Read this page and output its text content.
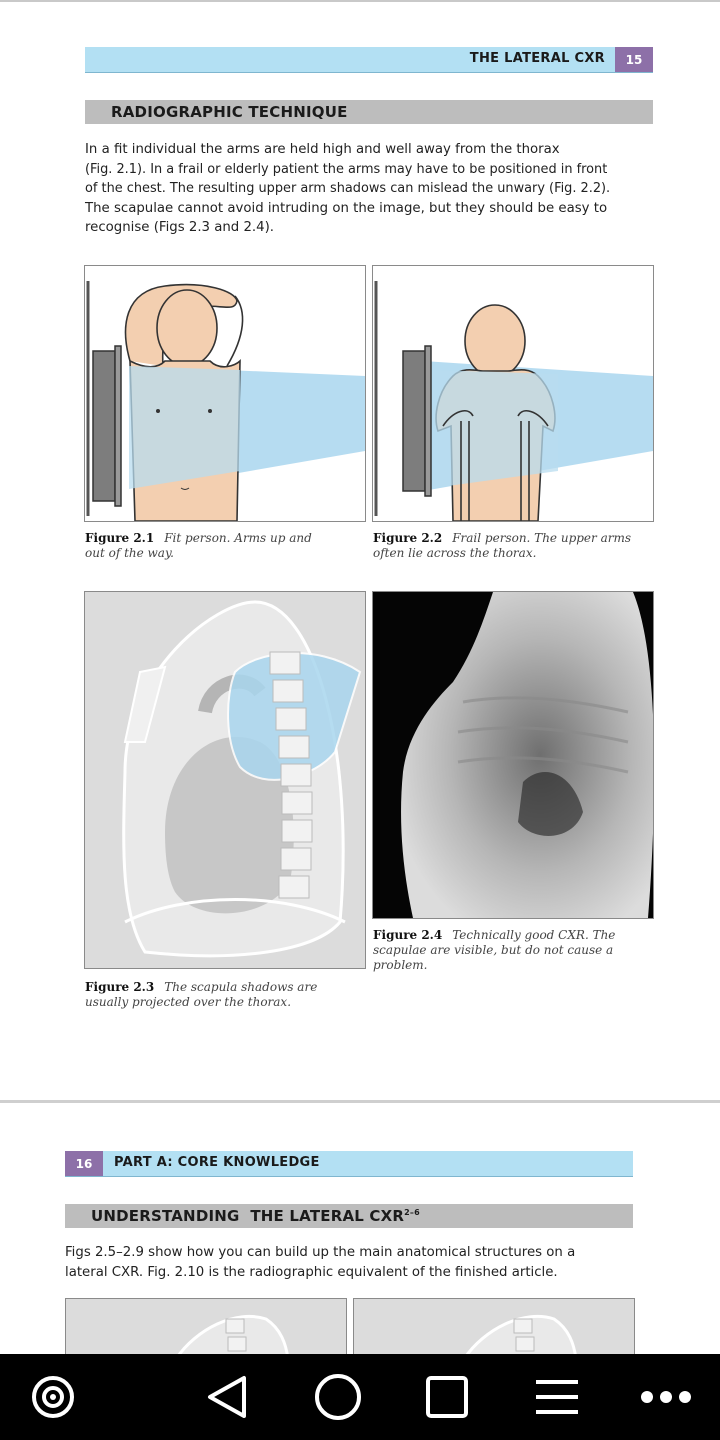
THE LATERAL CXR	15
RADIOGRAPHIC TECHNIQUE
In a fit individual the arms are held high and well away from the thorax
(Fig. 2.1). In a frail or elderly patient the arms may have to be positioned in front
of the chest. The resulting upper arm shadows can mislead the unwary (Fig. 2.2).
The scapulae cannot avoid intruding on the image, but they should be easy to
recognise (Figs 2.3 and 2.4).
Figure 2.1 Fit person. Arms up and
out of the way.
Figure 2.2 Frail person. The upper arms
often lie across the thorax.
Figure 2.4 Technically good CXR. The
scapulae are visible, but do not cause a
problem.
Figure 2.3 The scapula shadows are
usually projected over the thorax.
16	PART A: CORE KNOWLEDGE
UNDERSTANDING  THE LATERAL CXR$^{2-6}$
Figs 2.5–2.9 show how you can build up the main anatomical structures on a
lateral CXR. Fig. 2.10 is the radiographic equivalent of the finished article.
